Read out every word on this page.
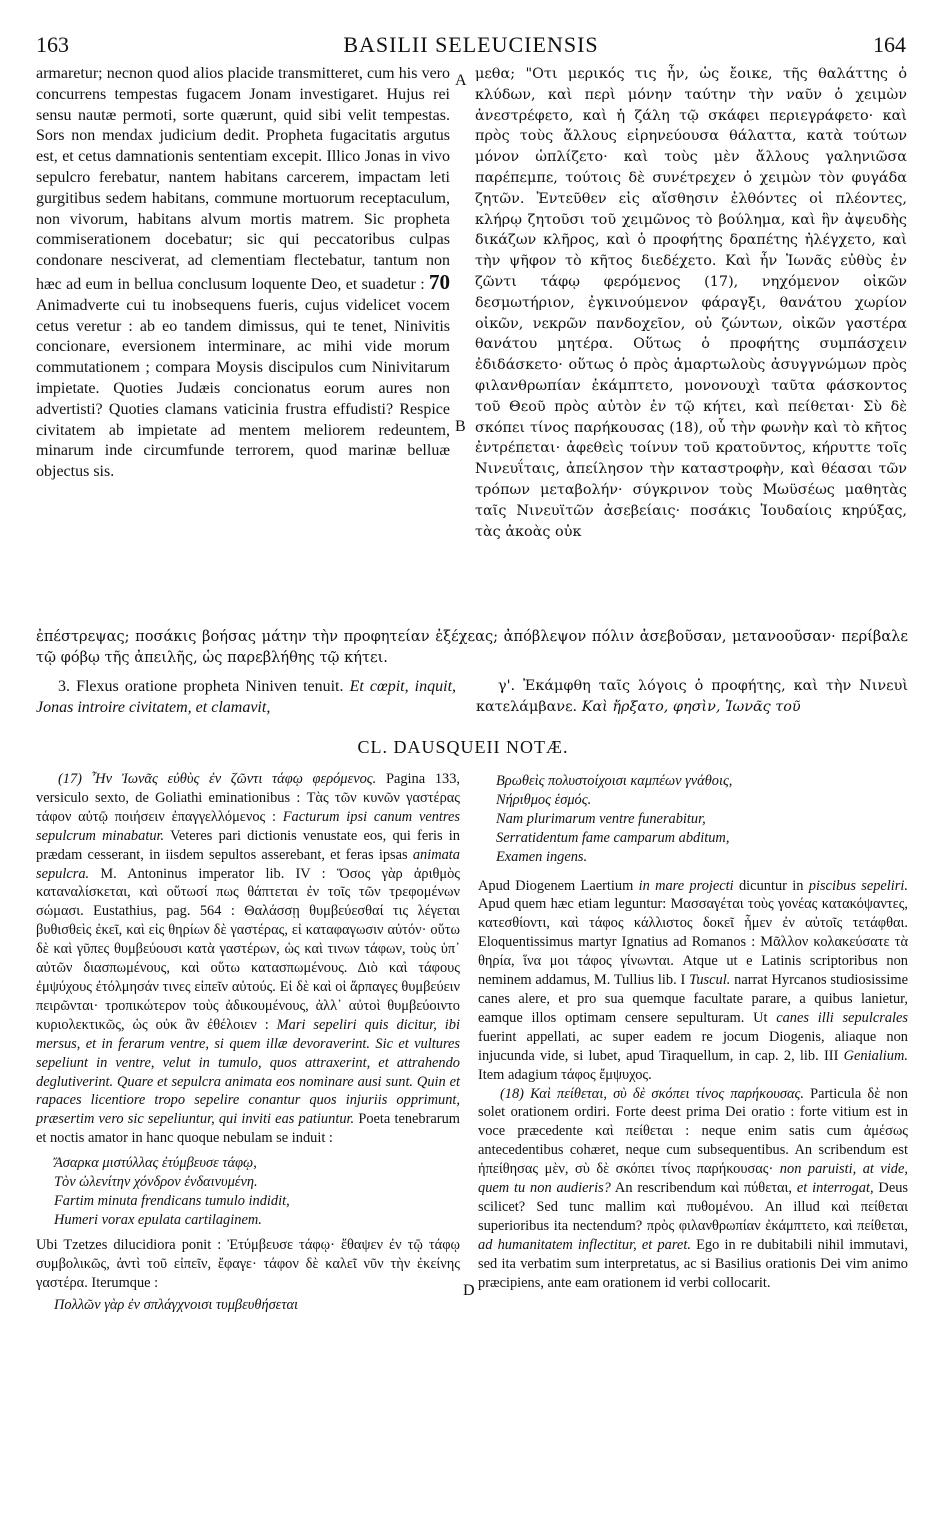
163	BASILII SELEUCIENSIS	164

armaretur; necnon quod alios placide transmitteret, cum his vero concurrens tempestas fugacem Jonam investigaret. Hujus rei sensu nautæ permoti, sorte quærunt, quid sibi velit tempestas. Sors non mendax judicium dedit. Propheta fugacitatis argutus est, et cetus damnationis sententiam excepit. Illico Jonas in vivo sepulcro ferebatur, nantem habitans carcerem, impactam leti gurgitibus sedem habitans, commune mortuorum receptaculum, non vivorum, habitans alvum mortis matrem. Sic propheta commiserationem docebatur; sic qui peccatoribus culpas condonare nesciverat, ad clementiam flectebatur, tantum non hæc ad eum in bellua conclusum loquente Deo, et suadetur : 70 Animadverte cui tu inobsequens fueris, cujus videlicet vocem cetus veretur : ab eo tandem dimissus, qui te tenet, Ninivitis concionare, eversionem interminare, ac mihi vide morum commutationem ; compara Moysis discipulos cum Ninivitarum impietate. Quoties Judæis concionatus eorum aures non advertisti? Quoties clamans vaticinia frustra effudisti? Respice civitatem ab impietate ad mentem meliorem redeuntem, minarum inde circumfunde terrorem, quod marinæ belluæ objectus sis.

A
B

μεθα; "Οτι μερικός τις ἦν, ὡς ἔοικε, τῆς θαλάττης ὁ κλύδων, καὶ περὶ μόνην ταύτην τὴν ναῦν ὁ χειμὼν ἀνεστρέφετο, καὶ ἡ ζάλη τῷ σκάφει περιεγράφετο· καὶ πρὸς τοὺς ἄλλους εἰρηνεύουσα θάλαττα, κατὰ τούτων μόνον ὡπλίζετο· καὶ τοὺς μὲν ἄλλους γαληνιῶσα παρέπεμπε, τούτοις δὲ συνέτρεχεν ὁ χειμὼν τὸν φυγάδα ζητῶν. Ἐντεῦθεν εἰς αἴσθησιν ἐλθόντες οἱ πλέοντες, κλήρῳ ζητοῦσι τοῦ χειμῶνος τὸ βούλημα, καὶ ἣν ἀψευδὴς δικάζων κλῆρος, καὶ ὁ προφήτης δραπέτης ἠλέγχετο, καὶ τὴν ψῆφον τὸ κῆτος διεδέχετο. Καὶ ἦν Ἰωνᾶς εὐθὺς ἐν ζῶντι τάφῳ φερόμενος (17), νηχόμενον οἰκῶν δεσμωτήριον, ἐγκινούμενον φάραγξι, θανάτου χωρίον οἰκῶν, νεκρῶν πανδοχεῖον, οὐ ζώντων, οἰκῶν γαστέρα θανάτου μητέρα. Οὕτως ὁ προφήτης συμπάσχειν ἐδιδάσκετο· οὕτως ὁ πρὸς ἁμαρτωλοὺς ἀσυγγνώμων πρὸς φιλανθρωπίαν ἐκάμπτετο, μονονουχὶ ταῦτα φάσκοντος τοῦ Θεοῦ πρὸς αὐτὸν ἐν τῷ κήτει, καὶ πείθεται· Σὺ δὲ σκόπει τίνος παρήκουσας (18), οὗ τὴν φωνὴν καὶ τὸ κῆτος ἐντρέπεται· ἀφεθεὶς τοίνυν τοῦ κρατοῦντος, κήρυττε τοῖς Νινευΐταις, ἀπείλησον τὴν καταστροφὴν, καὶ θέασαι τῶν τρόπων μεταβολήν· σύγκρινον τοὺς Μωϋσέως μαθητὰς ταῖς Νινευϊτῶν ἀσεβείαις· ποσάκις Ἰουδαίοις κηρύξας, τὰς ἀκοὰς οὐκ

ἐπέστρεψας; ποσάκις βοήσας μάτην τὴν προφητείαν ἐξέχεας; ἀπόβλεψον πόλιν ἀσεβοῦσαν, μετανοοῦσαν· περίβαλε τῷ φόβῳ τῆς ἀπειλῆς, ὡς παρεβλήθης τῷ κήτει.

3. Flexus oratione propheta Niniven tenuit. Et cœpit, inquit, Jonas introire civitatem, et clamavit,

γ'. Ἐκάμφθη ταῖς λόγοις ὁ προφήτης, καὶ τὴν Νινευὶ κατελάμβανε. Καὶ ἤρξατο, φησὶν, Ἰωνᾶς τοῦ

CL. DAUSQUEII NOTÆ.

(17) Ἦν Ἰωνᾶς εὐθὺς ἐν ζῶντι τάφῳ φερόμενος. Pagina 133, versiculo sexto, de Goliathi eminationibus : Τὰς τῶν κυνῶν γαστέρας τάφον αὐτῷ ποιήσειν ἐπαγγελλόμενος : Facturum ipsi canum ventres sepulcrum minabatur. Veteres pari dictionis venustate eos, qui feris in prædam cesserant, in iisdem sepultos asserebant, et feras ipsas animata sepulcra. M. Antoninus imperator lib. IV : Ὅσος γὰρ ἀριθμὸς καταναλίσκεται, καὶ οὕτωσί πως θάπτεται ἐν τοῖς τῶν τρεφομένων σώμασι. Eustathius, pag. 564 : Θαλάσσῃ θυμβεύεσθαί τις λέγεται βυθισθεὶς ἐκεῖ, καὶ εἰς θηρίων δὲ γαστέρας, εἰ καταφαγωσιν αὐτόν· οὕτω δὲ καὶ γῦπες θυμβεύουσι κατὰ γαστέρων, ὡς καὶ τινων τάφων, τοὺς ὑπ᾽ αὐτῶν διασπωμένους, καὶ οὕτω κατασπωμένους. Διὸ καὶ τάφους ἐμψύχους ἐτόλμησάν τινες εἰπεῖν αὐτούς. Εἰ δὲ καὶ οἱ ἅρπαγες θυμβεύειν πειρῶνται· τροπικώτερον τοὺς ἀδικουμένους, ἀλλ᾽ αὐτοὶ θυμβεύοιντο κυριολεκτικῶς, ὡς οὐκ ἂν ἐθέλοιεν : Mari sepeliri quis dicitur, ibi mersus, et in ferarum ventre, si quem illæ devoraverint. Sic et vultures sepeliunt in ventre, velut in tumulo, quos attraxerint, et attrahendo deglutiverint. Quare et sepulcra animata eos nominare ausi sunt. Quin et rapaces licentiore tropo sepelire conantur quos injuriis opprimunt, præsertim vero sic sepeliuntur, qui inviti eas patiuntur. Poeta tenebrarum et noctis amator in hanc quoque nebulam se induit :

Ἄσαρκα μιστύλλας ἐτύμβευσε τάφῳ,

Τὸν ὠλενίτην χόνδρον ἐνδαινυμένη.

Fartim minuta frendicans tumulo indidit,

Humeri vorax epulata cartilaginem.

Ubi Tzetzes dilucidiora ponit : Ἐτύμβευσε τάφῳ· ἔθαψεν ἐν τῷ τάφῳ συμβολικῶς, ἀντὶ τοῦ εἰπεῖν, ἔφαγε· τάφον δὲ καλεῖ νῦν τὴν ἐκείνης γαστέρα. Iterumque :

Πολλῶν γὰρ ἐν σπλάγχνοισι τυμβευθήσεται

D

Βρωθεὶς πολυστοίχοισι καμπέων γνάθοις,

Νήριθμος ἑσμός.

Nam plurimarum ventre funerabitur,

Serratidentum fame camparum abditum,

Examen ingens.

Apud Diogenem Laertium in mare projecti dicuntur in piscibus sepeliri. Apud quem hæc etiam leguntur: Μασσαγέται τοὺς γονέας κατακόψαντες, κατεσθίοντι, καὶ τάφος κάλλιστος δοκεῖ ἧμεν ἐν αὐτοῖς τετάφθαι. Eloquentissimus martyr Ignatius ad Romanos : Μᾶλλον κολακεύσατε τὰ θηρία, ἵνα μοι τάφος γίνωνται. Atque ut e Latinis scriptoribus non neminem addamus, M. Tullius lib. I Tuscul. narrat Hyrcanos studiosissime canes alere, et pro sua quemque facultate parare, a quibus lanietur, eamque illos optimam censere sepulturam. Ut canes illi sepulcrales fuerint appellati, ac super eadem re jocum Diogenis, aliaque non injucunda vide, si lubet, apud Tiraquellum, in cap. 2, lib. III Genialium. Item adagium τάφος ἔμψυχος.

(18) Καὶ πείθεται, σὺ δὲ σκόπει τίνος παρήκουσας. Particula δὲ non solet orationem ordiri. Forte deest prima Dei oratio : forte vitium est in voce præcedente καὶ πείθεται : neque enim satis cum ἀμέσως antecedentibus cohæret, neque cum subsequentibus. An scribendum est ἠπείθησας μὲν, σὺ δὲ σκόπει τίνος παρήκουσας· non paruisti, at vide, quem tu non audieris? An rescribendum καὶ πύθεται, et interrogat, Deus scilicet? Sed tunc mallim καὶ πυθομένου. An illud καὶ πείθεται superioribus ita nectendum? πρὸς φιλανθρωπίαν ἐκάμπτετο, καὶ πείθεται, ad humanitatem inflectitur, et paret. Ego in re dubitabili nihil immutavi, sed ita verbatim sum interpretatus, ac si Basilius orationis Dei vim animo præcipiens, ante eam orationem id verbi collocarit.
